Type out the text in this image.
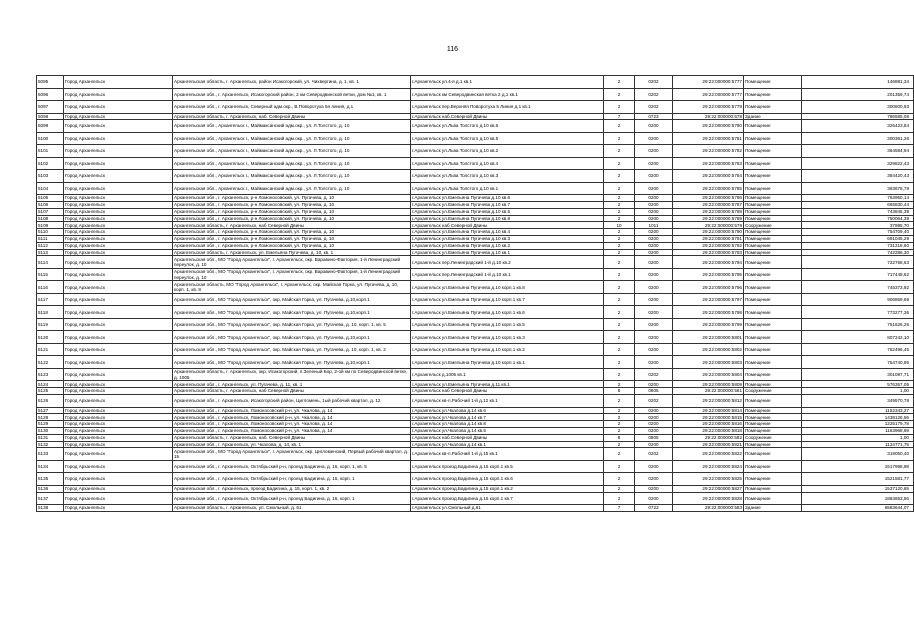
116
5095	Город Архангельск	Архангельская область, г. Архангельск, район Исакогорский, ул. Чихвергина, д. 1, кв. 1	г.Архангельск ул.4-я д.1 кв.1	2	0202	29:22:000000:5777	Помещение	146881,34
5096	Город Архангельск	Архангельская обл., г. Архангельск, Исакогорский район, 2 км Северодвинской ветки, дом №1, кв. 1	г.Архангельск км Северодвинская ветка 2 д.1 кв.1	2	0202	29:22:000000:5777	Помещение	201359,74
5097	Город Архангельск	Архангельская обл., г. Архангельск, Северный адм.окр., В.Поворотуха 5я линия, д.1	г.Архангельск пер.Верхняя Поворотуха 5 Линия д.1 кв.1	2	0202	29:22:000000:5779	Помещение	300600,93
5098	Город Архангельск	Архангельская область, г. Архангельск, наб. Северной Двины	г.Архангельск наб.Северной Двины	7	0723	29:22:000000:578	Здание	786585,08
5099	Город Архангельск	Архангельская обл., Архангельск г., Маймаксанский адм.окр., ул. Л.Толстого, д. 10	г.Архангельск ул.Льва Толстого д.10 кв.6	2	0200	29:22:000000:5780	Помещение	326423,84
5100	Город Архангельск	Архангельская обл., Архангельск г., Маймаксанский адм.окр., ул. Л.Толстого, д. 10	г.Архангельск ул.Льва Толстого д.10 кв.5	2	0200	29:22:000000:5781	Помещение	300361,26
5101	Город Архангельск	Архангельская обл., Архангельск г., Маймаксанский адм.окр., ул. Л.Толстого, д. 10	г.Архангельск ул.Льва Толстого д.10 кв.2	2	0200	29:22:000000:5782	Помещение	364584,94
5102	Город Архангельск	Архангельская обл., Архангельск г., Маймаксанский адм.окр., ул. Л.Толстого, д. 10	г.Архангельск ул.Льва Толстого д.10 кв.4	2	0200	29:22:000000:5783	Помещение	329822,43
5103	Город Архангельск	Архангельская обл., Архангельск г., Маймаксанский адм.окр., ул. Л.Толстого, д. 10	г.Архангельск ул.Льва Толстого д.10 кв.3	2	0200	29:22:000000:5784	Помещение	384420,43
5104	Город Архангельск	Архангельская обл., Архангельск г., Маймаксанский адм.окр., ул. Л.Толстого, д. 10	г.Архангельск ул.Льва Толстого д.10 кв.1	2	0200	29:22:000000:5785	Помещение	363678,79
5105	Город Архангельск	Архангельская обл., г. Архангельск, р-н Ломоносовский, ул. Пугачева, д. 10	г.Архангельск ул.Емельяна Пугачева д.10 кв.6	2	0200	29:22:000000:5786	Помещение	763950,14
5106	Город Архангельск	Архангельская обл., г. Архангельск, р-н Ломоносовский, ул. Пугачева, д. 10	г.Архангельск ул.Емельяна Пугачева д.10 кв.7	2	0200	29:22:000000:5787	Помещение	665830,44
5107	Город Архангельск	Архангельская обл., г. Архангельск, р-н Ломоносовский, ул. Пугачева, д. 10	г.Архангельск ул.Емельяна Пугачева д.10 кв.5	2	0200	29:22:000000:5788	Помещение	743845,39
5108	Город Архангельск	Архангельская обл., г. Архангельск, р-н Ломоносовский, ул. Пугачева, д. 10	г.Архангельск ул.Емельяна Пугачева д.10 кв.8	2	0200	29:22:000000:5789	Помещение	750064,39
5109	Город Архангельск	Архангельская область, г. Архангельск, наб Северной Двины	г.Архангельск наб Северной Двины	10	1011	29:22:000000:579	Сооружение	37995,70
5110	Город Архангельск	Архангельская обл., г. Архангельск, р-н Ломоносовский, ул. Пугачева, д. 10	г.Архангельск ул.Емельяна Пугачева д.10 кв.4	2	0200	29:22:000000:5790	Помещение	754709,40
5111	Город Архангельск	Архангельская обл., г. Архангельск, р-н Ломоносовский, ул. Пугачева, д. 10	г.Архангельск ул.Емельяна Пугачева д.10 кв.3	2	0200	29:22:000000:5791	Помещение	691045,29
5112	Город Архангельск	Архангельская обл., г. Архангельск, р-н Ломоносовский, ул. Пугачева, д. 10	г.Архангельск ул.Емельяна Пугачева д.10 кв.2	2	0200	29:22:000000:5792	Помещение	731218,60
5113	Город Архангельск	Архангельская область, г. Архангельск, ул. Емельяна Пугачева, д. 10, кв. 1	г.Архангельск ул.Емельяна Пугачева д.10 кв.1	2	0200	29:22:000000:5793	Помещение	742286,30
5114	Город Архангельск	Архангельская обл., МО "Город Архангельск", г. Архангельск, окр. Варавино-Фактория, 1-й Ленинградский переулок, д. 10	г.Архангельск пер.Ленинградский 1-й д.10 кв.2	2	0200	29:22:000000:5794	Помещение	722768,63
5115	Город Архангельск	Архангельская обл., МО "Город Архангельск", г. Архангельск, окр. Варавино-Фактория, 1-й Ленинградский переулок, д. 10	г.Архангельск пер.Ленинградский 1-й д.10 кв.1	2	0200	29:22:000000:5795	Помещение	717448,62
5116	Город Архангельск	Архангельская область, МО "Город Архангельск", г. Архангельск, окр. Майская Горка, ул. Пугачева, д. 10, корп. 1, кв. 8	г.Архангельск ул.Емельяна Пугачева д.10 корп.1 кв.8	2	0200	29:22:000000:5796	Помещение	745373,92
5117	Город Архангельск	Архангельская обл., МО "Город Архангельск", окр. Майская Горка, ул. Пугачева, д.10,корп.1	г.Архангельск ул.Емельяна Пугачева д.10 корп.1 кв.7	2	0200	29:22:000000:5797	Помещение	906869,69
5118	Город Архангельск	Архангельская обл., МО "Город Архангельск", окр. Майская Горка, ул. Пугачева, д.10,корп.1	г.Архангельск ул.Емельяна Пугачева д.10 корп.1 кв.6	2	0200	29:22:000000:5798	Помещение	773277,36
5119	Город Архангельск	Архангельская обл., МО "Город Архангельск", окр. Майская Горка, ул. Пугачева, д. 10, корп. 1, кв. 5	г.Архангельск ул.Емельяна Пугачева д.10 корп.1 кв.5	2	0200	29:22:000000:5799	Помещение	751626,26
5120	Город Архангельск	Архангельская обл., МО "Город Архангельск", окр. Майская Горка, ул. Пугачева, д.10,корп.1	г.Архангельск ул.Емельяна Пугачева д.10 корп.1 кв.3	2	0200	29:22:000000:5801	Помещение	807242,10
5121	Город Архангельск	Архангельская обл., МО "Город Архангельск", окр. Майская Горка, ул. Пугачева, д. 10, корп. 1, кв. 2	г.Архангельск ул.Емельяна Пугачева д.10 корп.1 кв.2	2	0200	29:22:000000:5802	Помещение	762496,45
5122	Город Архангельск	Архангельская обл., МО "Город Архангельск", окр. Майская Горка, ул. Пугачева, д.10,корп.1	г.Архангельск ул.Емельяна Пугачева д.10 корп.1 кв.1	2	0200	29:22:000000:5803	Помещение	754740,95
5123	Город Архангельск	Архангельская область, г. Архангельск, окр. Исакогорский, п.Зеленый Бор, 2-ой км по Северодвинской ветке, д. 1005	г.Архангельск д.1005 кв.1	2	0202	29:22:000000:5804	Помещение	301087,71
5124	Город Архангельск	Архангельская обл., г. Архангельск, ул. Пугачева, д. 11, кв. 1	г.Архангельск ул.Емельяна Пугачева д.11 кв.1	2	0200	29:22:000000:5809	Помещение	576357,05
5125	Город Архангельск	Архангельская область, г. Архангельск, наб Северной Двины	г.Архангельск наб Северной Двины	8	0805	29:22:000000:581	Сооружение	1,00
5126	Город Архангельск	Архангельская обл., г. Архангельск, Исакогорский район, Цигломень, 1ый рабочий квартал, д. 12	г.Архангельск кв-л.Рабочий 1-й д.12 кв.1	2	0202	29:22:000000:5812	Помещение	349570,78
5127	Город Архангельск	Архангельская обл., г. Архангельск, Ломоносовский р-н, ул. Чкалова, д. 14	г.Архангельск ул.Чкалова д.14 кв.6	2	0200	29:22:000000:5814	Помещение	1152343,27
5128	Город Архангельск	Архангельская обл., г. Архангельск, Ломоносовский р-н, ул. Чкалова, д. 14	г.Архангельск ул.Чкалова д.14 кв.7	2	0200	29:22:000000:5815	Помещение	1438126,56
5129	Город Архангельск	Архангельская обл., г. Архангельск, Ломоносовский р-н, ул. Чкалова, д. 14	г.Архангельск ул.Чкалова д.14 кв.8	2	0200	29:22:000000:5816	Помещение	1225179,78
5130	Город Архангельск	Архангельская обл., г. Архангельск, Ломоносовский р-н, ул. Чкалова, д. 14	г.Архангельск ул.Чкалова д.14 кв.5	2	0200	29:22:000000:5818	Помещение	1163968,69
5131	Город Архангельск	Архангельская область, г. Архангельск, наб. Северной Двины	г.Архангельск наб.Северной Двины	8	0805	29:22:000000:582	Сооружение	1,00
5132	Город Архангельск	Архангельская обл., г. Архангельск, ул. Чкалова, д. 14, кв. 1	г.Архангельск ул.Чкалова д.14 кв.1	2	0200	29:22:000000:5821	Помещение	1134771,75
5133	Город Архангельск	Архангельская обл., МО "Город Архангельск", г. Архангельск, окр. Цигломенский, Первый рабочий квартал, д. 15	г.Архангельск кв-л.Рабочий 1-й д.15 кв.1	2	0202	29:22:000000:5822	Помещение	319050,40
5134	Город Архангельск	Архангельская обл., г. Архангельск, Октябрьский р-н, проезд Бадигина, д. 15, корп. 1, кв. 5	г.Архангельск проезд.Бадигина д.15 корп.1 кв.5	2	0200	29:22:000000:5824	Помещение	1517998,98
5135	Город Архангельск	Архангельская обл., г. Архангельск, Октябрьский р-н, проезд Бадигина, д. 15, корп. 1	г.Архангельск проезд.Бадигина д.15 корп.1 кв.6	2	0200	29:22:000000:5825	Помещение	1521581,77
5136	Город Архангельск	Архангельская обл., г. Архангельск, проезд Бадигина, д. 15, корп. 1, кв. 2	г.Архангельск проезд.Бадигина д.15 корп.1 кв.2	2	0200	29:22:000000:5827	Помещение	1537120,65
5137	Город Архангельск	Архангельская обл., г. Архангельск, Октябрьский р-н, проезд Бадигина, д. 15, корп. 1	г.Архангельск проезд.Бадигина д.15 корп.1 кв.7	2	0200	29:22:000000:5828	Помещение	1884653,56
5138	Город Архангельск	Архангельская область, г. Архангельск, ул. Смольный, д. 61	г.Архангельск ул.Смольный д.61	7	0723	29:22:000000:583	Здание	6583644,07
